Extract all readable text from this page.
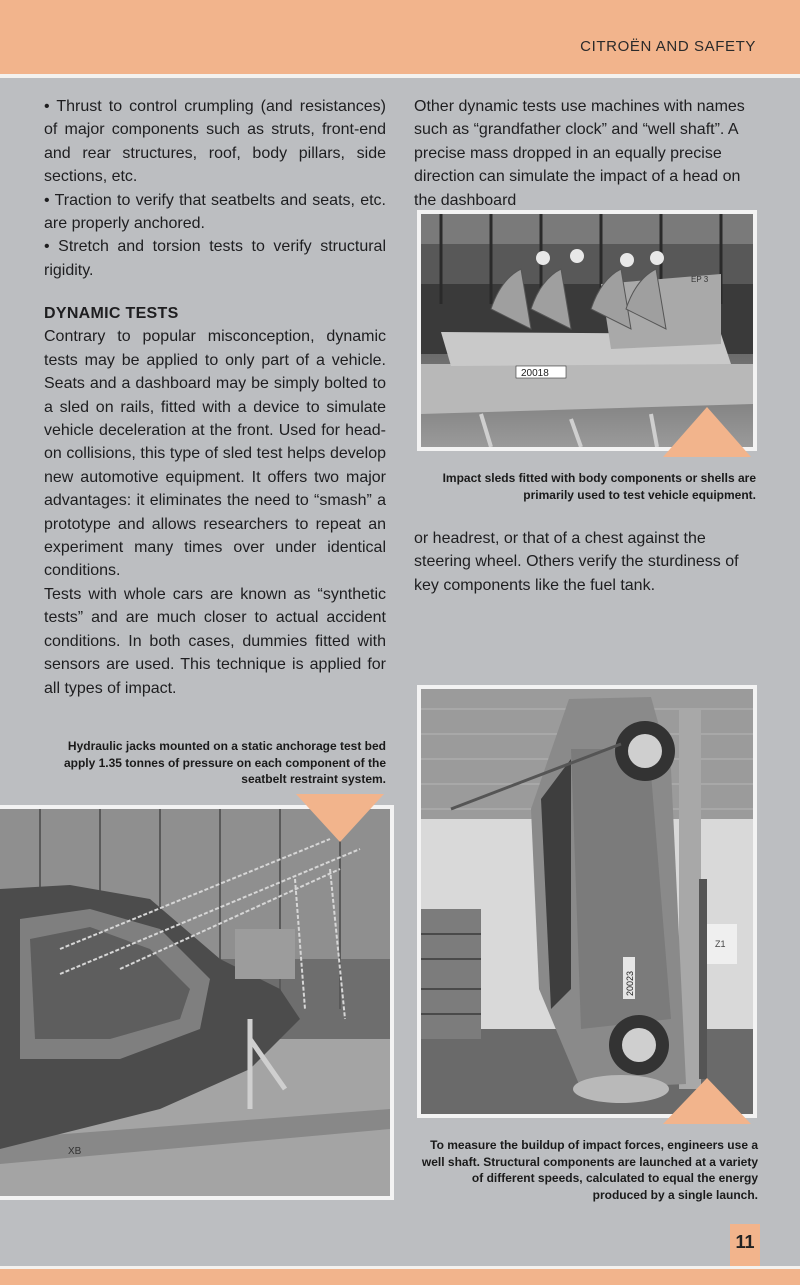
CITROËN AND SAFETY

• Thrust to control crumpling (and resistances) of major components such as struts, front-end and rear structures, roof, body pillars, side sections, etc.

• Traction to verify that seatbelts and seats, etc. are properly anchored.

• Stretch and torsion tests to verify structural rigidity.

DYNAMIC TESTS

Contrary to popular misconception, dynamic tests may be applied to only part of a vehicle. Seats and a dashboard may be simply bolted to a sled on rails, fitted with a device to simulate vehicle deceleration at the front. Used for head-on collisions, this type of sled test helps develop new automotive equipment. It offers two major advantages: it eliminates the need to “smash” a prototype and allows researchers to repeat an experiment many times over under identical conditions.

Tests with whole cars are known as “synthetic tests” and are much closer to actual accident conditions. In both cases, dummies fitted with sensors are used. This technique is applied for all types of impact.

Other dynamic tests use machines with names such as “grandfather clock” and “well shaft”. A precise mass dropped in an equally precise direction can simulate the impact of a head on the dashboard

or headrest, or that of a chest against the steering wheel. Others verify the sturdiness of key components like the fuel tank.

20018
EP 3

Impact sleds fitted with body components or shells are primarily used to test vehicle equipment.

Hydraulic jacks mounted on a static anchorage test bed apply 1.35 tonnes of pressure on each component of the seatbelt restraint system.

XB
Z1
20023

To measure the buildup of impact forces, engineers use a well shaft. Structural components are launched at a variety of different speeds, calculated to equal the energy produced by a single launch.

11
